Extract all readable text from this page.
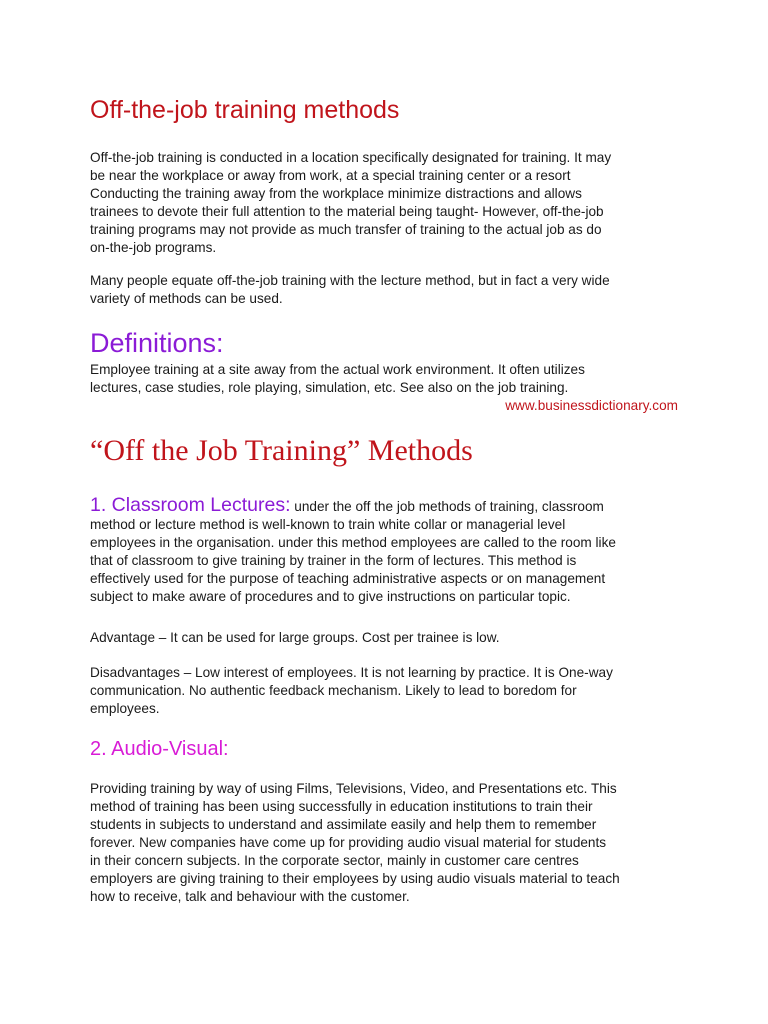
Off-the-job training methods

Off-the-job training is conducted in a location specifically designated for training. It may
be near the workplace or away from work, at a special training center or a resort
Conducting the training away from the workplace minimize distractions and allows
trainees to devote their full attention to the material being taught- However, off-the-job
training programs may not provide as much transfer of training to the actual job as do
on-the-job programs.

Many people equate off-the-job training with the lecture method, but in fact a very wide
variety of methods can be used.

Definitions:

Employee training at a site away from the actual work environment. It often utilizes
lectures, case studies, role playing, simulation, etc. See also on the job training.

www.businessdictionary.com
“Off the Job Training” Methods

1. Classroom Lectures: under the off the job methods of training, classroom
method or lecture method is well-known to train white collar or managerial level
employees in the organisation. under this method employees are called to the room like
that of classroom to give training by trainer in the form of lectures. This method is
effectively used for the purpose of teaching administrative aspects or on management
subject to make aware of procedures and to give instructions on particular topic.

Advantage – It can be used for large groups. Cost per trainee is low.

Disadvantages – Low interest of employees. It is not learning by practice. It is One-way
communication. No authentic feedback mechanism. Likely to lead to boredom for
employees.

2. Audio-Visual:

Providing training by way of using Films, Televisions, Video, and Presentations etc. This
method of training has been using successfully in education institutions to train their
students in subjects to understand and assimilate easily and help them to remember
forever. New companies have come up for providing audio visual material for students
in their concern subjects. In the corporate sector, mainly in customer care centres
employers are giving training to their employees by using audio visuals material to teach
how to receive, talk and behaviour with the customer.
